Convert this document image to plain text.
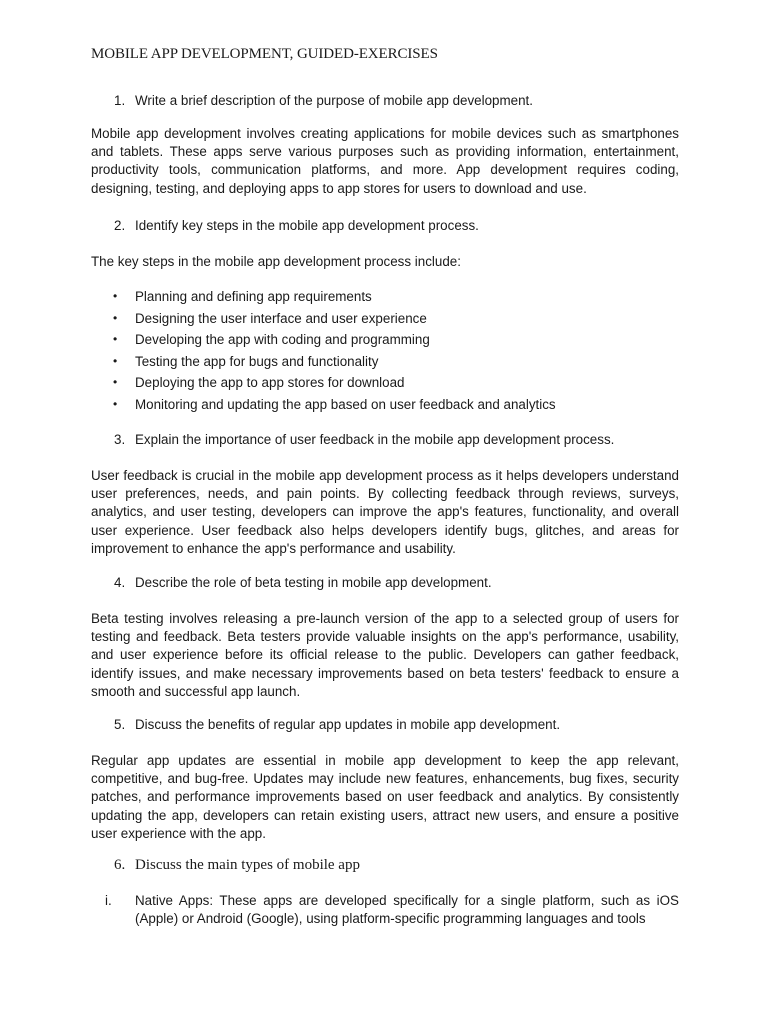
MOBILE APP DEVELOPMENT, GUIDED-EXERCISES
1. Write a brief description of the purpose of mobile app development.
Mobile app development involves creating applications for mobile devices such as smartphones and tablets. These apps serve various purposes such as providing information, entertainment, productivity tools, communication platforms, and more. App development requires coding, designing, testing, and deploying apps to app stores for users to download and use.
2. Identify key steps in the mobile app development process.
The key steps in the mobile app development process include:
• Planning and defining app requirements
• Designing the user interface and user experience
• Developing the app with coding and programming
• Testing the app for bugs and functionality
• Deploying the app to app stores for download
• Monitoring and updating the app based on user feedback and analytics
3. Explain the importance of user feedback in the mobile app development process.
User feedback is crucial in the mobile app development process as it helps developers understand user preferences, needs, and pain points. By collecting feedback through reviews, surveys, analytics, and user testing, developers can improve the app's features, functionality, and overall user experience. User feedback also helps developers identify bugs, glitches, and areas for improvement to enhance the app's performance and usability.
4. Describe the role of beta testing in mobile app development.
Beta testing involves releasing a pre-launch version of the app to a selected group of users for testing and feedback. Beta testers provide valuable insights on the app's performance, usability, and user experience before its official release to the public. Developers can gather feedback, identify issues, and make necessary improvements based on beta testers' feedback to ensure a smooth and successful app launch.
5. Discuss the benefits of regular app updates in mobile app development.
Regular app updates are essential in mobile app development to keep the app relevant, competitive, and bug-free. Updates may include new features, enhancements, bug fixes, security patches, and performance improvements based on user feedback and analytics. By consistently updating the app, developers can retain existing users, attract new users, and ensure a positive user experience with the app.
6. Discuss the main types of mobile app
i. Native Apps: These apps are developed specifically for a single platform, such as iOS (Apple) or Android (Google), using platform-specific programming languages and tools
